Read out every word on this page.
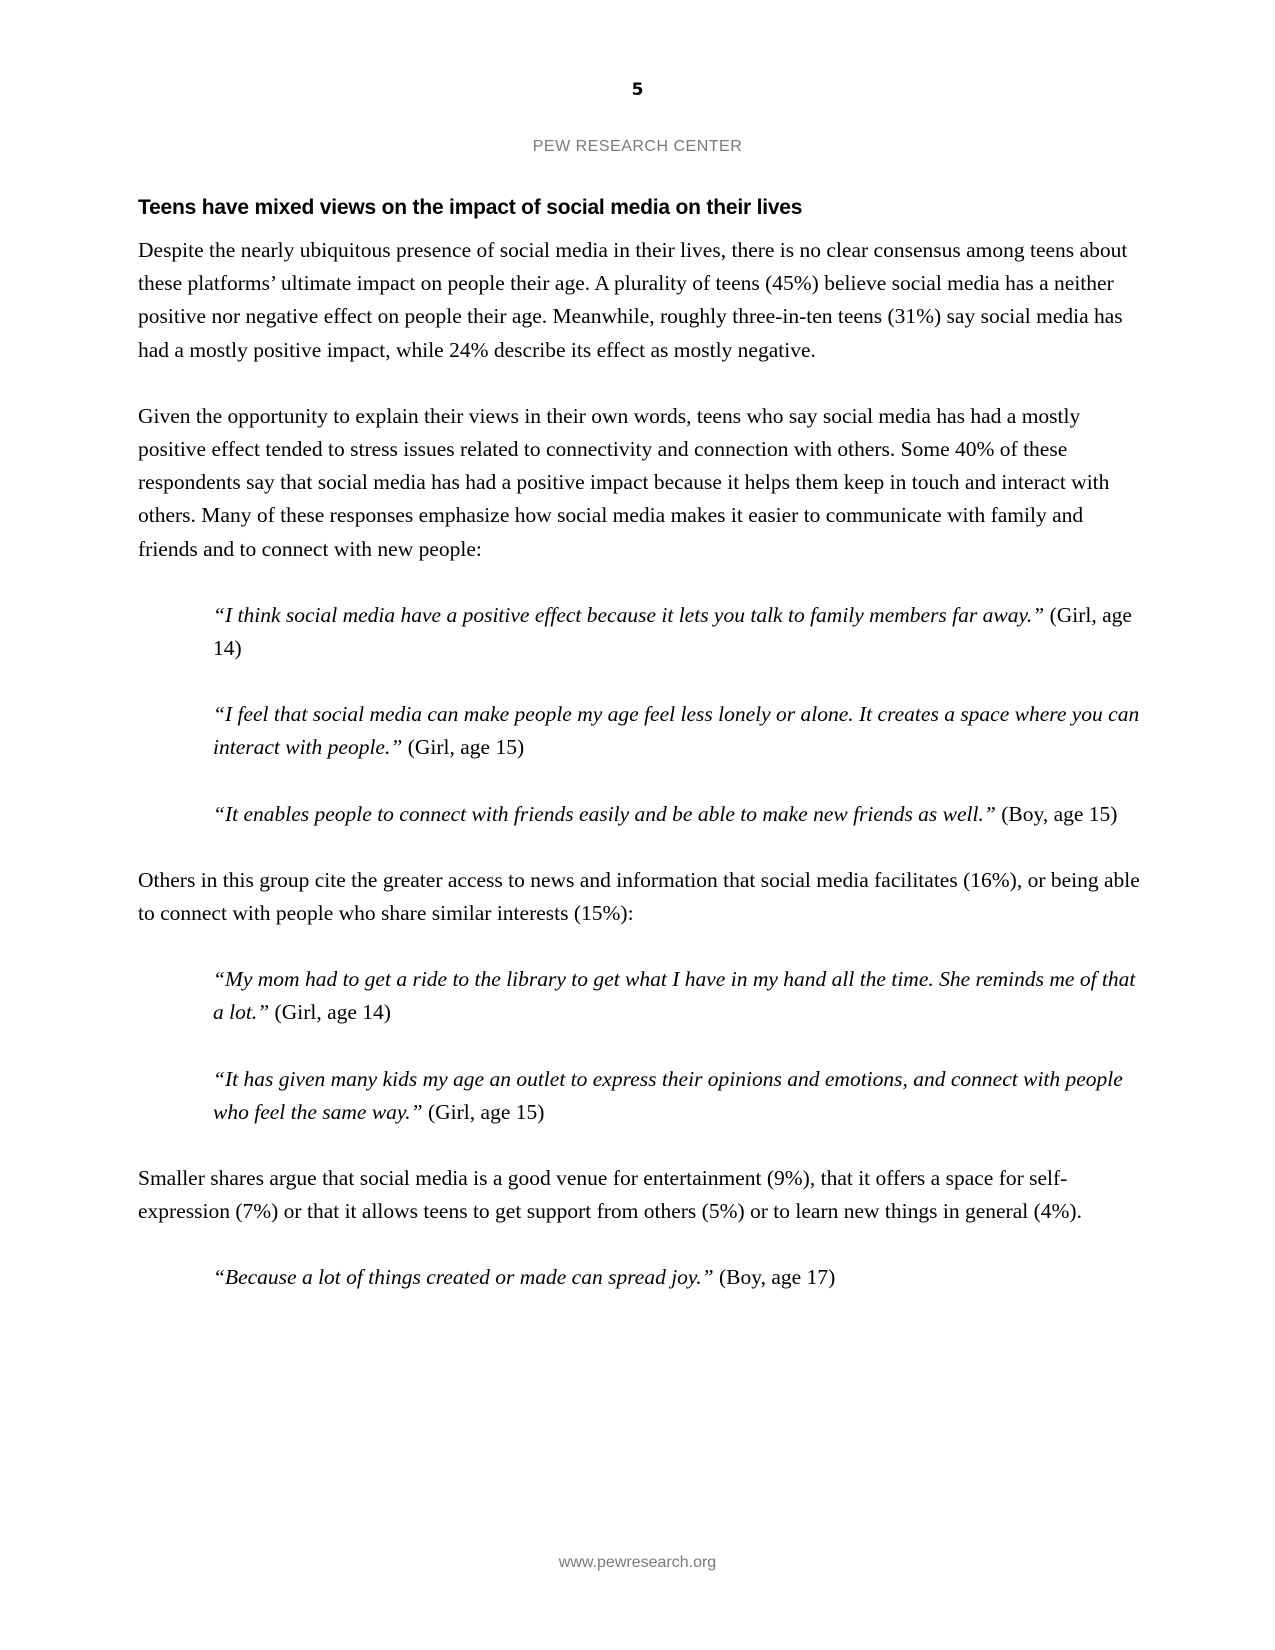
5
PEW RESEARCH CENTER
Teens have mixed views on the impact of social media on their lives

Despite the nearly ubiquitous presence of social media in their lives, there is no clear consensus among teens about these platforms’ ultimate impact on people their age. A plurality of teens (45%) believe social media has a neither positive nor negative effect on people their age. Meanwhile, roughly three-in-ten teens (31%) say social media has had a mostly positive impact, while 24% describe its effect as mostly negative.

Given the opportunity to explain their views in their own words, teens who say social media has had a mostly positive effect tended to stress issues related to connectivity and connection with others. Some 40% of these respondents say that social media has had a positive impact because it helps them keep in touch and interact with others. Many of these responses emphasize how social media makes it easier to communicate with family and friends and to connect with new people:

“I think social media have a positive effect because it lets you talk to family members far away.” (Girl, age 14)

“I feel that social media can make people my age feel less lonely or alone. It creates a space where you can interact with people.” (Girl, age 15)

“It enables people to connect with friends easily and be able to make new friends as well.” (Boy, age 15)

Others in this group cite the greater access to news and information that social media facilitates (16%), or being able to connect with people who share similar interests (15%):

“My mom had to get a ride to the library to get what I have in my hand all the time. She reminds me of that a lot.” (Girl, age 14)

“It has given many kids my age an outlet to express their opinions and emotions, and connect with people who feel the same way.” (Girl, age 15)

Smaller shares argue that social media is a good venue for entertainment (9%), that it offers a space for self-expression (7%) or that it allows teens to get support from others (5%) or to learn new things in general (4%).

“Because a lot of things created or made can spread joy.” (Boy, age 17)

www.pewresearch.org
